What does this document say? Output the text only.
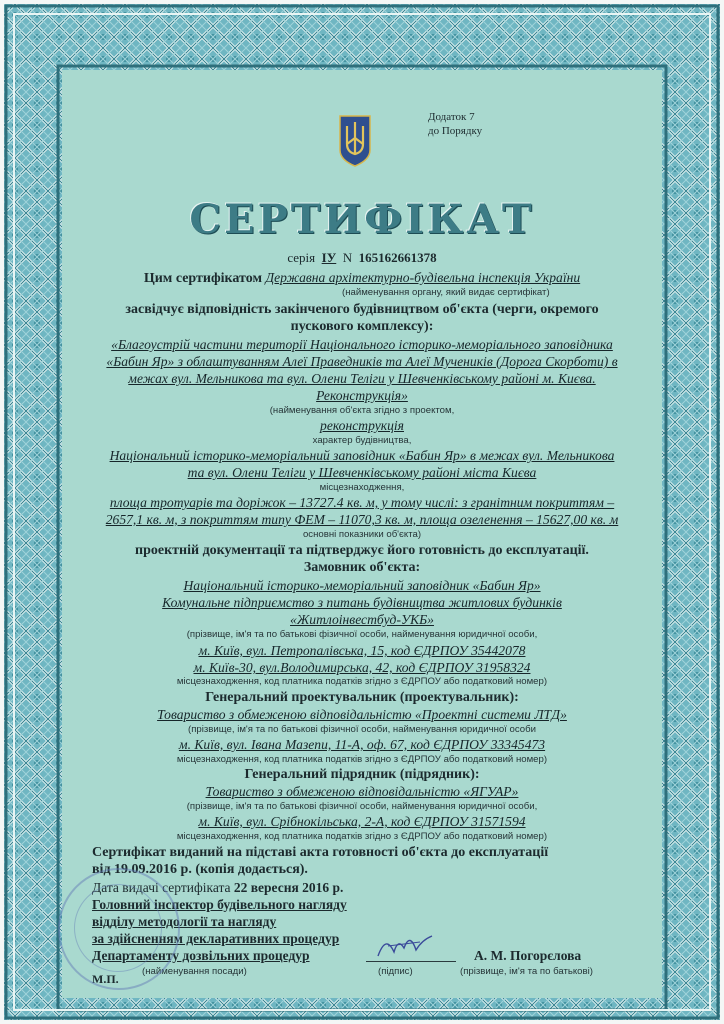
Додаток 7
до Порядку
СЕРТИФІКАТ
серія ІУ N 165162661378
Цим сертифікатом Державна архітектурно-будівельна інспекція України
(найменування органу, який видає сертифікат)
засвідчує відповідність закінченого будівництвом об'єкта (черги, окремого
пускового комплексу):
«Благоустрій частини території Національного історико-меморіального заповідника
«Бабин Яр» з облаштуванням Алеї Праведників та Алеї Мучеників (Дорога Скорботи) в
межах вул. Мельникова та вул. Олени Теліги у Шевченківському районі м. Києва.
Реконструкція»
(найменування об'єкта згідно з проектом,
реконструкція
характер будівництва,
Національний історико-меморіальний заповідник «Бабин Яр» в межах вул. Мельникова
та вул. Олени Теліги у Шевченківському районі міста Києва
місцезнаходження,
площа тротуарів та доріжок – 13727.4 кв. м, у тому числі: з гранітним покриттям –
2657,1 кв. м, з покриттям типу ФЕМ – 11070,3 кв. м, площа озеленення – 15627,00 кв. м
основні показники об'єкта)
проектній документації та підтверджує його готовність до експлуатації.
Замовник об'єкта:
Національний історико-меморіальний заповідник «Бабин Яр»
Комунальне підприємство з питань будівництва житлових будинків
«Житлоінвестбуд-УКБ»
(прізвище, ім'я та по батькові фізичної особи, найменування юридичної особи,
м. Київ, вул. Петропалівська, 15, код ЄДРПОУ 35442078
м. Київ-30, вул.Володимирська, 42, код ЄДРПОУ 31958324
місцезнаходження, код платника податків згідно з ЄДРПОУ або податковий номер)
Генеральний проектувальник (проектувальник):
Товариство з обмеженою відповідальністю «Проектні системи ЛТД»
(прізвище, ім'я та по батькові фізичної особи, найменування юридичної особи
м. Київ, вул. Івана Мазепи, 11-А, оф. 67, код ЄДРПОУ 33345473
місцезнаходження, код платника податків згідно з ЄДРПОУ або податковий номер)
Генеральний підрядник (підрядник):
Товариство з обмеженою відповідальністю «ЯГУАР»
(прізвище, ім'я та по батькові фізичної особи, найменування юридичної особи,
м. Київ, вул. Срібнокільська, 2-А, код ЄДРПОУ 31571594
місцезнаходження, код платника податків згідно з ЄДРПОУ або податковий номер)
Сертифікат виданий на підставі акта готовності об'єкта до експлуатації
від 19.09.2016 р. (копія додається).
Дата видачі сертифіката 22 вересня 2016 р.
Головний інспектор будівельного нагляду
відділу методології та нагляду
за здійсненням декларативних процедур
Департаменту дозвільних процедур
(найменування посади)	(підпис)
А. М. Погорєлова
(прізвище, ім'я та по батькові)
М.П.
